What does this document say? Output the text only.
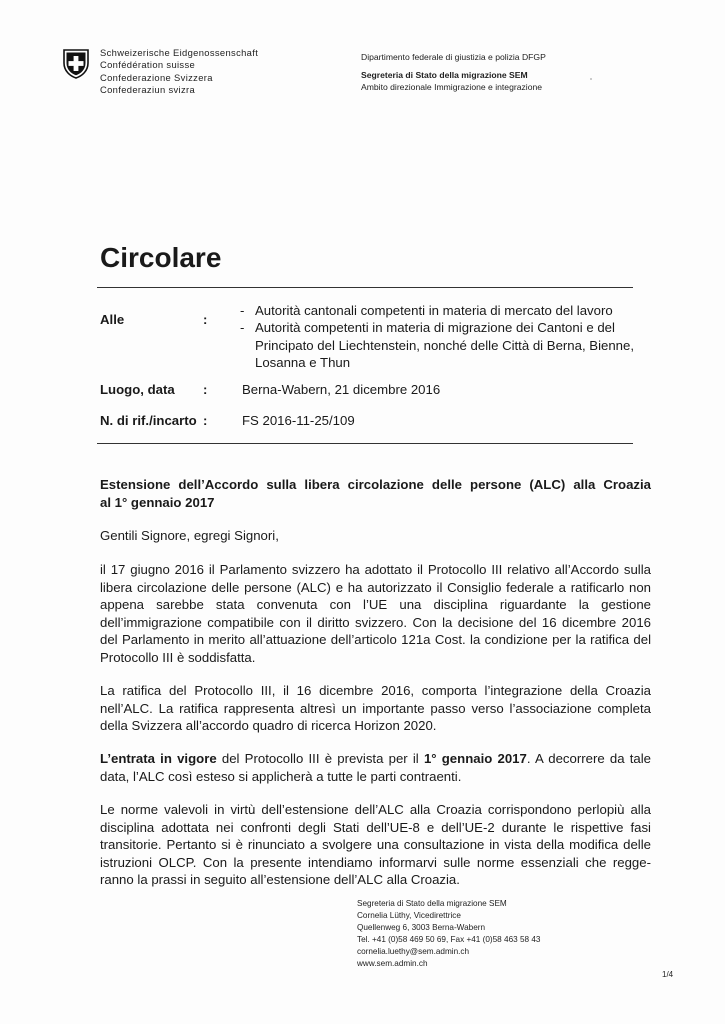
Schweizerische Eidgenossenschaft
Confédération suisse
Confederazione Svizzera
Confederaziun svizra
Dipartimento federale di giustizia e polizia DFGP
Segreteria di Stato della migrazione SEM
Ambito direzionale Immigrazione e integrazione
Circolare
Alle	:
- Autorità cantonali competenti in materia di mercato del lavoro
- Autorità competenti in materia di migrazione dei Cantoni e del Principato del Liechtenstein, nonché delle Città di Berna, Bienne, Losanna e Thun
Luogo, data :	Berna-Wabern, 21 dicembre 2016
N. di rif./incarto :	FS 2016-11-25/109
Estensione dell’Accordo sulla libera circolazione delle persone (ALC) alla Croazia
al 1° gennaio 2017
Gentili Signore, egregi Signori,
il 17 giugno 2016 il Parlamento svizzero ha adottato il Protocollo III relativo all’Accordo sulla
libera circolazione delle persone (ALC) e ha autorizzato il Consiglio federale a ratificarlo non
appena sarebbe stata convenuta con l’UE una disciplina riguardante la gestione
dell’immigrazione compatibile con il diritto svizzero. Con la decisione del 16 dicembre 2016
del Parlamento in merito all’attuazione dell’articolo 121a Cost. la condizione per la ratifica del
Protocollo III è soddisfatta.
La ratifica del Protocollo III, il 16 dicembre 2016, comporta l’integrazione della Croazia
nell’ALC. La ratifica rappresenta altresì un importante passo verso l’associazione completa
della Svizzera all’accordo quadro di ricerca Horizon 2020.
L’entrata in vigore del Protocollo III è prevista per il 1° gennaio 2017. A decorrere da tale
data, l’ALC così esteso si applicherà a tutte le parti contraenti.
Le norme valevoli in virtù dell’estensione dell’ALC alla Croazia corrispondono perlopiù alla
disciplina adottata nei confronti degli Stati dell’UE-8 e dell’UE-2 durante le rispettive fasi
transitorie. Pertanto si è rinunciato a svolgere una consultazione in vista della modifica delle
istruzioni OLCP. Con la presente intendiamo informarvi sulle norme essenziali che regge-
ranno la prassi in seguito all’estensione dell’ALC alla Croazia.
Segreteria di Stato della migrazione SEM
Cornelia Lüthy, Vicedirettrice
Quellenweg 6, 3003 Berna-Wabern
Tel. +41 (0)58 469 50 69, Fax +41 (0)58 463 58 43
cornelia.luethy@sem.admin.ch
www.sem.admin.ch
1/4
